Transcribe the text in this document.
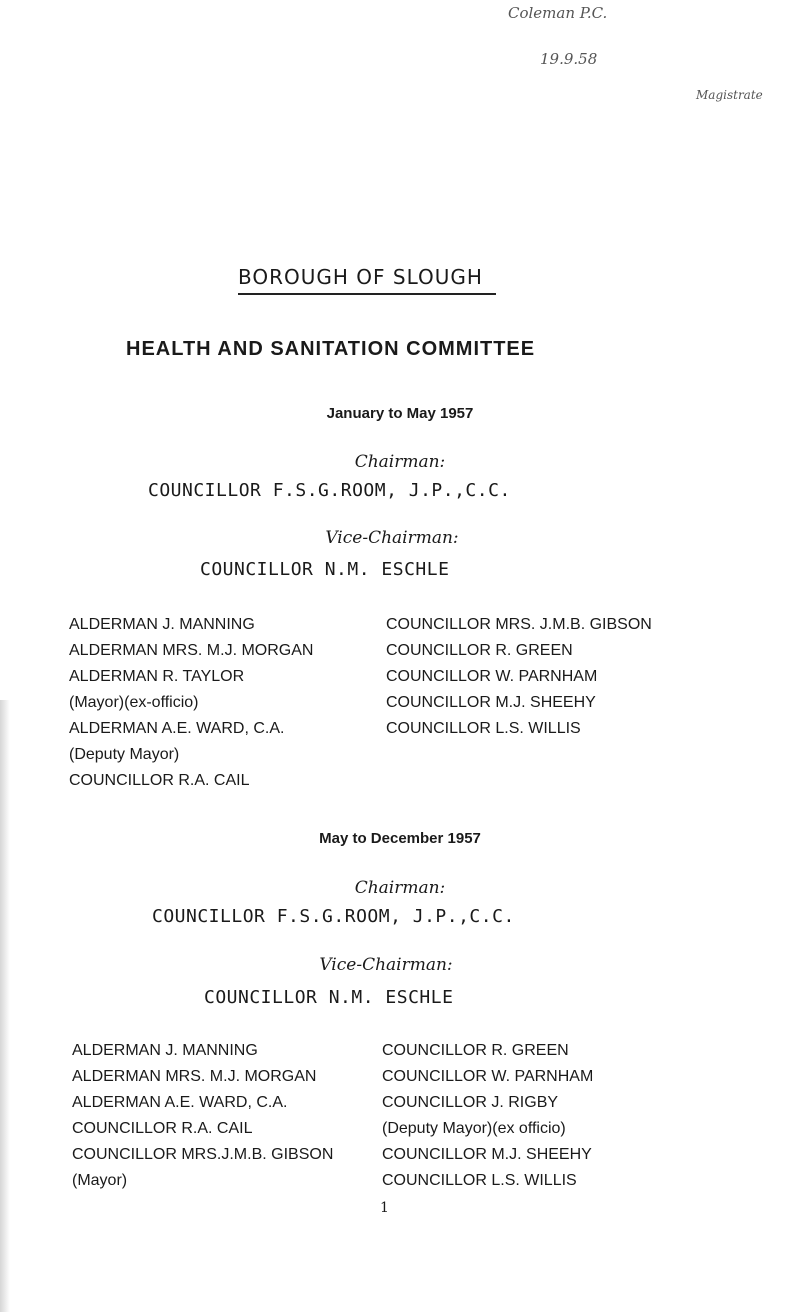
Coleman P.C.
19.9.58
Magistrate
BOROUGH OF SLOUGH
HEALTH AND SANITATION COMMITTEE
January to May 1957
Chairman:
COUNCILLOR F.S.G.ROOM, J.P.,C.C.
Vice-Chairman:
COUNCILLOR N.M. ESCHLE
ALDERMAN J. MANNING
ALDERMAN MRS. M.J. MORGAN
ALDERMAN R. TAYLOR
(Mayor)(ex-officio)
ALDERMAN A.E. WARD, C.A.
(Deputy Mayor)
COUNCILLOR R.A. CAIL
COUNCILLOR MRS. J.M.B. GIBSON
COUNCILLOR R. GREEN
COUNCILLOR W. PARNHAM
COUNCILLOR M.J. SHEEHY
COUNCILLOR L.S. WILLIS
May to December 1957
Chairman:
COUNCILLOR F.S.G.ROOM, J.P.,C.C.
Vice-Chairman:
COUNCILLOR N.M. ESCHLE
ALDERMAN J. MANNING
ALDERMAN MRS. M.J. MORGAN
ALDERMAN A.E. WARD, C.A.
COUNCILLOR R.A. CAIL
COUNCILLOR MRS.J.M.B. GIBSON
(Mayor)
COUNCILLOR R. GREEN
COUNCILLOR W. PARNHAM
COUNCILLOR J. RIGBY
(Deputy Mayor)(ex officio)
COUNCILLOR M.J. SHEEHY
COUNCILLOR L.S. WILLIS
1
